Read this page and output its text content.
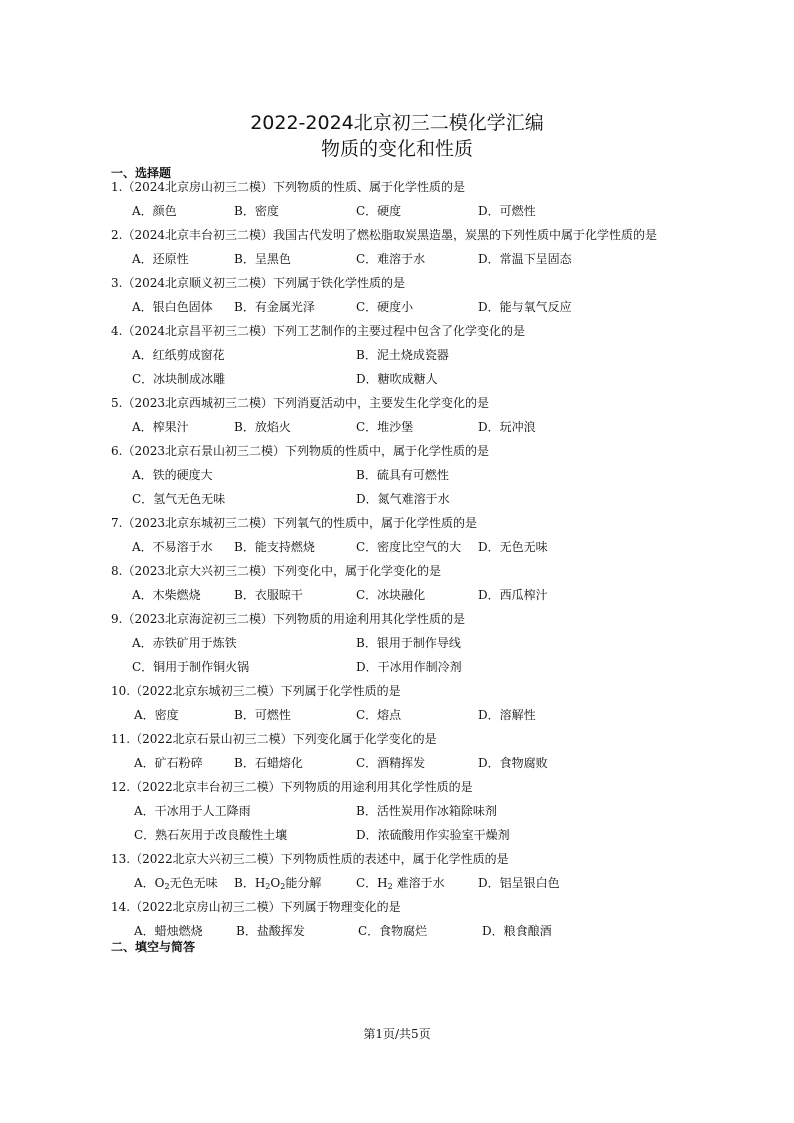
2022-2024北京初三二模化学汇编
物质的变化和性质
一、选择题
1.（2024北京房山初三二模）下列物质的性质、属于化学性质的是
A．颜色	B．密度	C．硬度	D．可燃性
2.（2024北京丰台初三二模）我国古代发明了燃松脂取炭黑造墨，炭黑的下列性质中属于化学性质的是
A．还原性	B．呈黑色	C．难溶于水	D．常温下呈固态
3.（2024北京顺义初三二模）下列属于铁化学性质的是
A．银白色固体 B．有金属光泽	C．硬度小	D．能与氧气反应
4.（2024北京昌平初三二模）下列工艺制作的主要过程中包含了化学变化的是
A．红纸剪成窗花	B．泥土烧成瓷器
C．冰块制成冰雕	D．糖吹成糖人
5.（2023北京西城初三二模）下列消夏活动中，主要发生化学变化的是
A．榨果汁	B．放焰火	C．堆沙堡	D．玩冲浪
6.（2023北京石景山初三二模）下列物质的性质中，属于化学性质的是
A．铁的硬度大	B．硫具有可燃性
C．氢气无色无味	D．氮气难溶于水
7.（2023北京东城初三二模）下列氧气的性质中，属于化学性质的是
A．不易溶于水 B．能支持燃烧	C．密度比空气的大 D．无色无味
8.（2023北京大兴初三二模）下列变化中，属于化学变化的是
A．木柴燃烧	B．衣服晾干	C．冰块融化	D．西瓜榨汁
9.（2023北京海淀初三二模）下列物质的用途利用其化学性质的是
A．赤铁矿用于炼铁	B．银用于制作导线
C．铜用于制作铜火锅	D．干冰用作制冷剂
10.（2022北京东城初三二模）下列属于化学性质的是
A．密度	B．可燃性	C．熔点	D．溶解性
11.（2022北京石景山初三二模）下列变化属于化学变化的是
A．矿石粉碎	B．石蜡熔化	C．酒精挥发	D．食物腐败
12.（2022北京丰台初三二模）下列物质的用途利用其化学性质的是
A．干冰用于人工降雨	B．活性炭用作冰箱除味剂
C．熟石灰用于改良酸性土壤	D．浓硫酸用作实验室干燥剂
13.（2022北京大兴初三二模）下列物质性质的表述中，属于化学性质的是
A．$O_2$无色无味 B．$H_2O_2$能分解	C．$H_2$ 难溶于水	D．铝呈银白色
14.（2022北京房山初三二模）下列属于物理变化的是
A．蜡烛燃烧	B．盐酸挥发	C．食物腐烂	D．粮食酿酒
二、填空与简答
第1页/共5页
